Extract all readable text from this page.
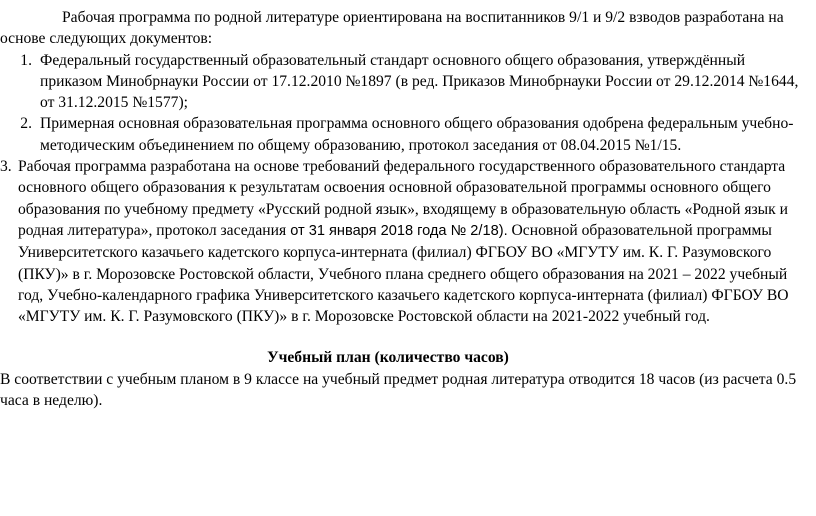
Рабочая программа по родной литературе ориентирована на воспитанников 9/1 и 9/2 взводов разработана на

основе следующих документов:

1. Федеральный государственный образовательный стандарт основного общего образования, утверждённый приказом Минобрнауки России от 17.12.2010 №1897 (в ред. Приказов Минобрнауки России от 29.12.2014 №1644, от 31.12.2015 №1577);
2. Примерная основная образовательная программа основного общего образования одобрена федеральным учебно-методическим объединением по общему образованию, протокол заседания от 08.04.2015 №1/15.
3. Рабочая программа разработана на основе требований федерального государственного образовательного стандарта основного общего образования к результатам освоения основной образовательной программы основного общего образования по учебному предмету «Русский родной язык», входящему в образовательную область «Родной язык и родная литература», протокол заседания от 31 января 2018 года № 2/18). Основной образовательной программы Университетского казачьего кадетского корпуса-интерната (филиал) ФГБОУ ВО «МГУТУ им. К. Г. Разумовского (ПКУ)» в г. Морозовске Ростовской области, Учебного плана среднего общего образования на 2021 – 2022 учебный год, Учебно-календарного графика Университетского казачьего кадетского корпуса-интерната (филиал) ФГБОУ ВО «МГУТУ им. К. Г. Разумовского (ПКУ)» в г. Морозовске Ростовской области на 2021-2022 учебный год.

Учебный план (количество часов)

В соответствии с учебным планом в 9 классе на учебный предмет родная литература отводится 18 часов (из расчета 0.5 часа в неделю).
